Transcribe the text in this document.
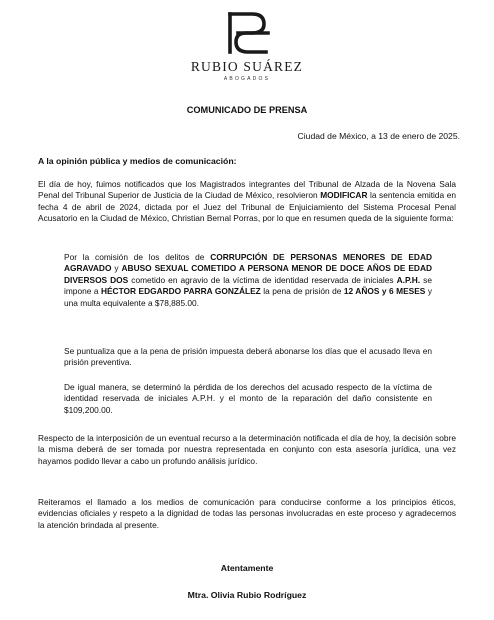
RUBIO SUÁREZ
ABOGADOS
COMUNICADO DE PRENSA
Ciudad de México, a 13 de enero de 2025.
A la opinión pública y medios de comunicación:

El día de hoy, fuimos notificados que los Magistrados integrantes del Tribunal de Alzada de la Novena Sala Penal del Tribunal Superior de Justicia de la Ciudad de México, resolvieron MODIFICAR la sentencia emitida en fecha 4 de abril de 2024, dictada por el Juez del Tribunal de Enjuiciamiento del Sistema Procesal Penal Acusatorio en la Ciudad de México, Christian Bernal Porras, por lo que en resumen queda de la siguiente forma:

Por la comisión de los delitos de CORRUPCIÓN DE PERSONAS MENORES DE EDAD AGRAVADO y ABUSO SEXUAL COMETIDO A PERSONA MENOR DE DOCE AÑOS DE EDAD DIVERSOS DOS cometido en agravio de la víctima de identidad reservada de iniciales A.P.H. se impone a HÉCTOR EDGARDO PARRA GONZÁLEZ la pena de prisión de 12 AÑOS y 6 MESES y una multa equivalente a $78,885.00.

Se puntualiza que a la pena de prisión impuesta deberá abonarse los días que el acusado lleva en prisión preventiva.

De igual manera, se determinó la pérdida de los derechos del acusado respecto de la víctima de identidad reservada de iniciales A.P.H. y el monto de la reparación del daño consistente en $109,200.00.

Respecto de la interposición de un eventual recurso a la determinación notificada el día de hoy, la decisión sobre la misma deberá de ser tomada por nuestra representada en conjunto con esta asesoría jurídica, una vez hayamos podido llevar a cabo un profundo análisis jurídico.

Reiteramos el llamado a los medios de comunicación para conducirse conforme a los principios éticos, evidencias oficiales y respeto a la dignidad de todas las personas involucradas en este proceso y agradecemos la atención brindada al presente.

Atentamente
Mtra. Olivia Rubio Rodríguez
